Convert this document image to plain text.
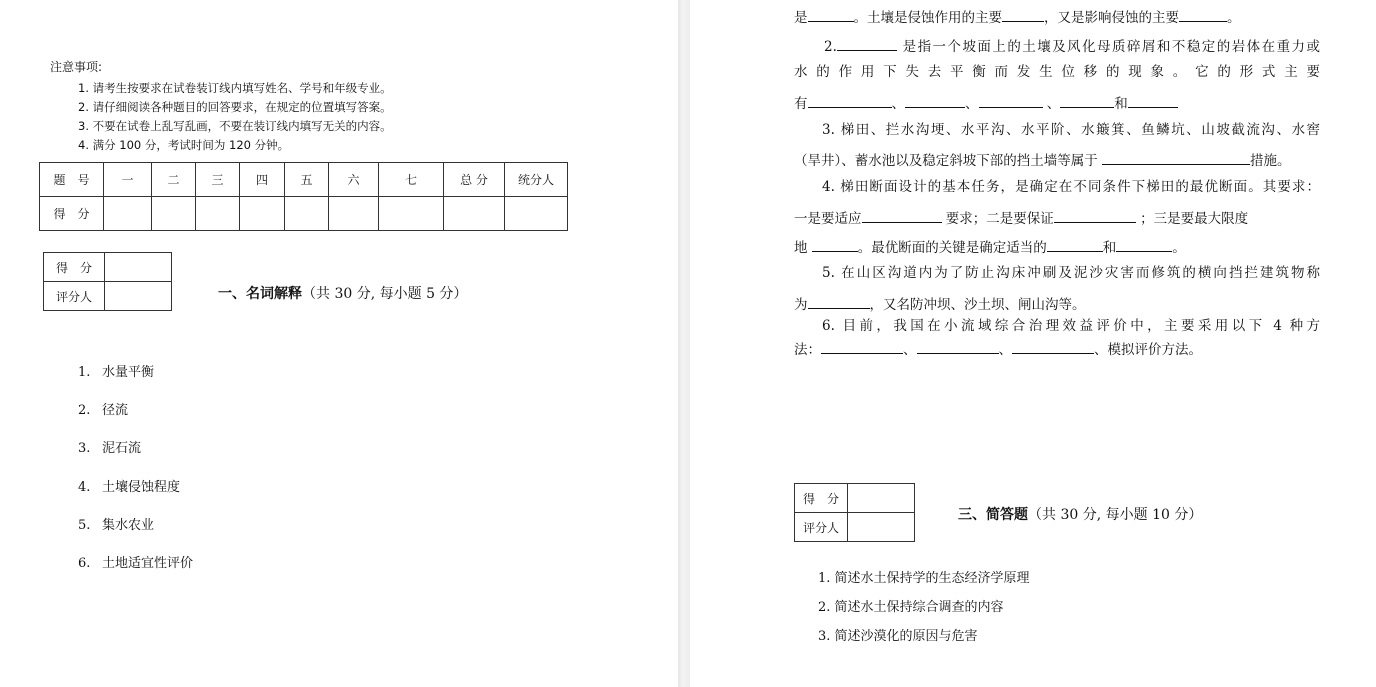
注意事项:
1. 请考生按要求在试卷装订线内填写姓名、学号和年级专业。
2. 请仔细阅读各种题目的回答要求，在规定的位置填写答案。
3. 不要在试卷上乱写乱画，不要在装订线内填写无关的内容。
4. 满分 100 分，考试时间为 120 分钟。
题　号	一	二	三	四	五	六	七	总 分	统分人
得　分									
得　分	
评分人		一、名词解释（共 30 分, 每小题 5 分）
1. 水量平衡
2. 径流
3. 泥石流
4. 土壤侵蚀程度
5. 集水农业
6. 土地适宜性评价
是	。土壤是侵蚀作用的主要	，又是影响侵蚀的主要	。
2.	是指一个坡面上的土壤及风化母质碎屑和不稳定的岩体在重力或
水的作用下失去平衡而发生位移的现象。它的形式主要
有	、	、	、	和
3. 梯田、拦水沟埂、水平沟、水平阶、水簸箕、鱼鳞坑、山坡截流沟、水窖
（旱井）、蓄水池以及稳定斜坡下部的挡土墙等属于	措施。
4. 梯田断面设计的基本任务，是确定在不同条件下梯田的最优断面。其要求：
一是要适应	要求；二是要保证	；三是要最大限度
地	。最优断面的关键是确定适当的	和	。
5. 在山区沟道内为了防止沟床冲刷及泥沙灾害而修筑的横向挡拦建筑物称
为	，又名防冲坝、沙土坝、闸山沟等。
6. 目前，我国在小流域综合治理效益评价中，主要采用以下 4 种方
法：	、	、	、模拟评价方法。
得　分	
评分人	
三、简答题（共 30 分, 每小题 10 分）
1. 简述水土保持学的生态经济学原理
2. 简述水土保持综合调查的内容
3. 简述沙漠化的原因与危害
